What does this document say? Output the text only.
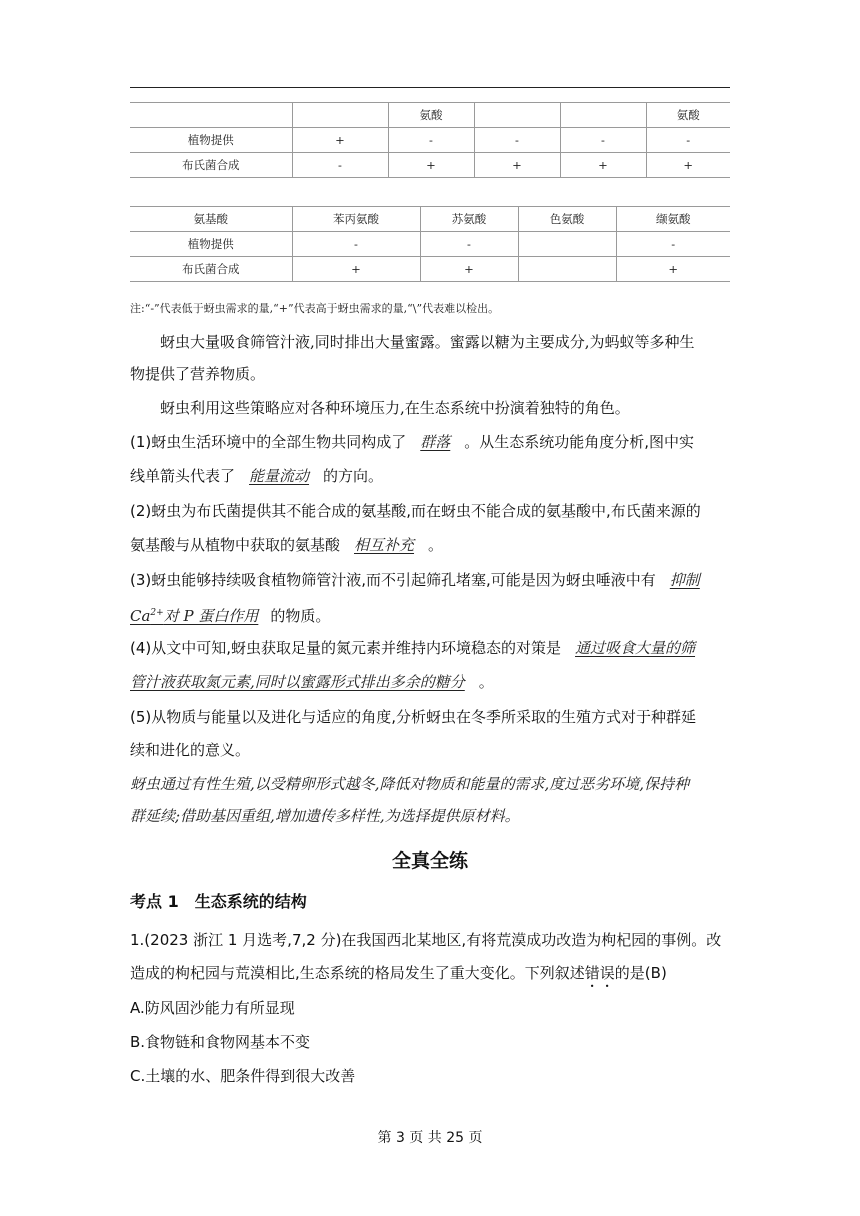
		氨酸			氨酸
植物提供	+	-	-	-	-
布氏菌合成	-	+	+	+	+
氨基酸	苯丙氨酸	苏氨酸	色氨酸	缬氨酸
植物提供	-	-		-
布氏菌合成	+	+		+
注:“-”代表低于蚜虫需求的量,“+”代表高于蚜虫需求的量,“\”代表难以检出。
蚜虫大量吸食筛管汁液,同时排出大量蜜露。蜜露以糖为主要成分,为蚂蚁等多种生
物提供了营养物质。
蚜虫利用这些策略应对各种环境压力,在生态系统中扮演着独特的角色。
(1)蚜虫生活环境中的全部生物共同构成了 群落 。从生态系统功能角度分析,图中实
线单箭头代表了 能量流动 的方向。
(2)蚜虫为布氏菌提供其不能合成的氨基酸,而在蚜虫不能合成的氨基酸中,布氏菌来源的
氨基酸与从植物中获取的氨基酸 相互补充 。
(3)蚜虫能够持续吸食植物筛管汁液,而不引起筛孔堵塞,可能是因为蚜虫唾液中有 抑制
$Ca^{2+}$对 P 蛋白作用 的物质。
(4)从文中可知,蚜虫获取足量的氮元素并维持内环境稳态的对策是 通过吸食大量的筛
管汁液获取氮元素,同时以蜜露形式排出多余的糖分 。
(5)从物质与能量以及进化与适应的角度,分析蚜虫在冬季所采取的生殖方式对于种群延
续和进化的意义。
蚜虫通过有性生殖,以受精卵形式越冬,降低对物质和能量的需求,度过恶劣环境,保持种
群延续;借助基因重组,增加遗传多样性,为选择提供原材料。
全真全练
考点 1　生态系统的结构
1.(2023 浙江 1 月选考,7,2 分)在我国西北某地区,有将荒漠成功改造为枸杞园的事例。改
造成的枸杞园与荒漠相比,生态系统的格局发生了重大变化。下列叙述错误的是(B)
A.防风固沙能力有所显现
B.食物链和食物网基本不变
C.土壤的水、肥条件得到很大改善
第 3 页 共 25 页
